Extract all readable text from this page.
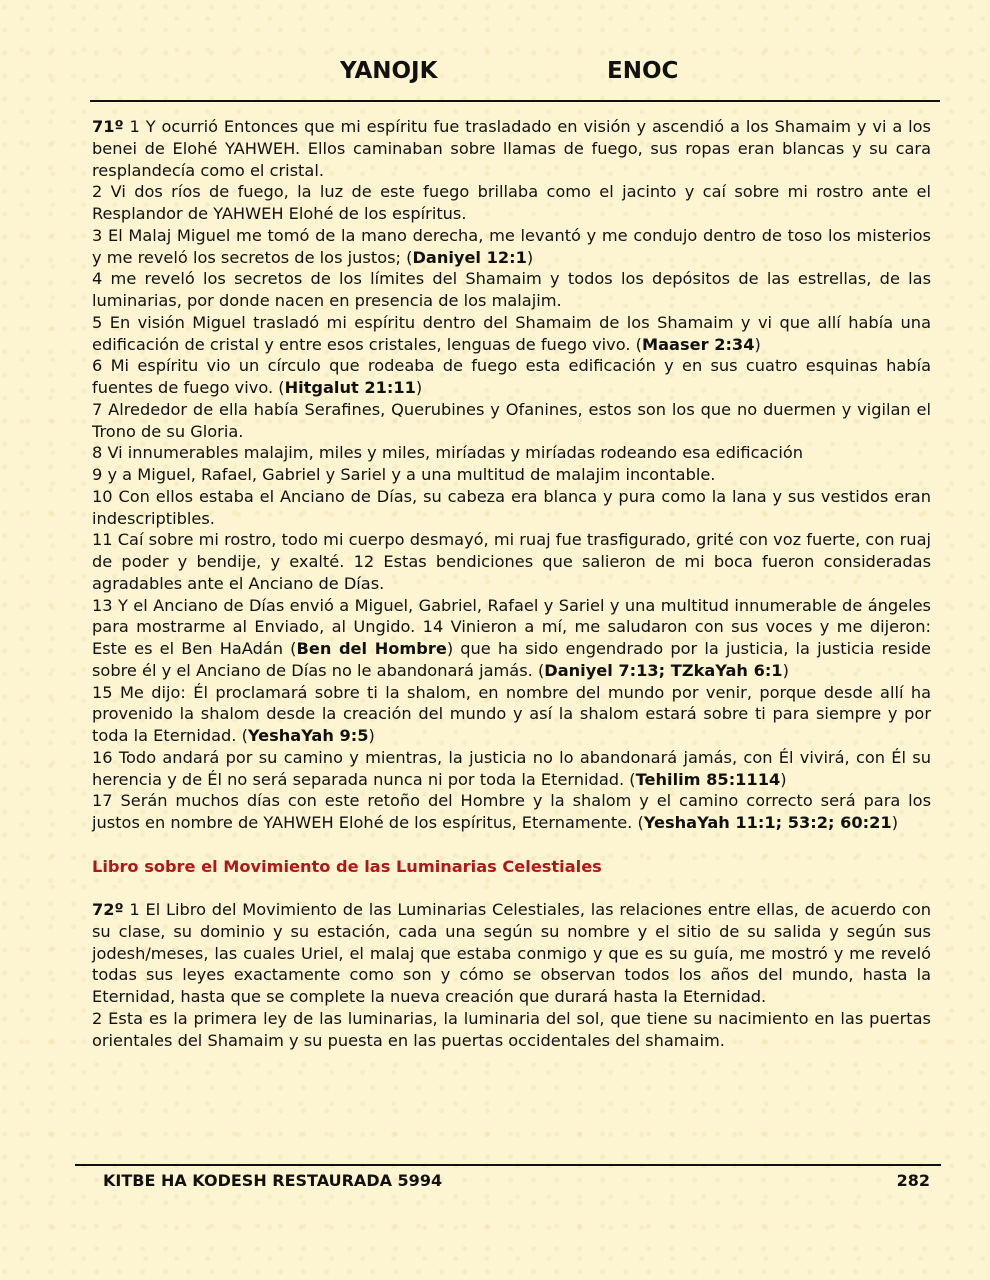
YANOJK	ENOC

71º 1 Y ocurrió Entonces que mi espíritu fue trasladado en visión y ascendió a los Shamaim y vi a los benei de Elohé YAHWEH. Ellos caminaban sobre llamas de fuego, sus ropas eran blancas y su cara resplandecía como el cristal.

2 Vi dos ríos de fuego, la luz de este fuego brillaba como el jacinto y caí sobre mi rostro ante el Resplandor de YAHWEH Elohé de los espíritus.

3 El Malaj Miguel me tomó de la mano derecha, me levantó y me condujo dentro de toso los misterios y me reveló los secretos de los justos; (Daniyel 12:1)

4 me reveló los secretos de los límites del Shamaim y todos los depósitos de las estrellas, de las luminarias, por donde nacen en presencia de los malajim.

5 En visión Miguel trasladó mi espíritu dentro del Shamaim de los Shamaim y vi que allí había una edificación de cristal y entre esos cristales, lenguas de fuego vivo. (Maaser 2:34)

6 Mi espíritu vio un círculo que rodeaba de fuego esta edificación y en sus cuatro esquinas había fuentes de fuego vivo. (Hitgalut 21:11)

7 Alrededor de ella había Serafines, Querubines y Ofanines, estos son los que no duermen y vigilan el Trono de su Gloria.

8 Vi innumerables malajim, miles y miles, miríadas y miríadas rodeando esa edificación

9 y a Miguel, Rafael, Gabriel y Sariel y a una multitud de malajim incontable.

10 Con ellos estaba el Anciano de Días, su cabeza era blanca y pura como la lana y sus vestidos eran indescriptibles.

11 Caí sobre mi rostro, todo mi cuerpo desmayó, mi ruaj fue trasfigurado, grité con voz fuerte, con ruaj de poder y bendije, y exalté. 12 Estas bendiciones que salieron de mi boca fueron consideradas agradables ante el Anciano de Días.

13 Y el Anciano de Días envió a Miguel, Gabriel, Rafael y Sariel y una multitud innumerable de ángeles para mostrarme al Enviado, al Ungido. 14 Vinieron a mí, me saludaron con sus voces y me dijeron: Este es el Ben HaAdán (Ben del Hombre) que ha sido engendrado por la justicia, la justicia reside sobre él y el Anciano de Días no le abandonará jamás. (Daniyel 7:13; TZkaYah 6:1)

15 Me dijo: Él proclamará sobre ti la shalom, en nombre del mundo por venir, porque desde allí ha provenido la shalom desde la creación del mundo y así la shalom estará sobre ti para siempre y por toda la Eternidad. (YeshaYah 9:5)

16 Todo andará por su camino y mientras, la justicia no lo abandonará jamás, con Él vivirá, con Él su herencia y de Él no será separada nunca ni por toda la Eternidad. (Tehilim 85:1114)

17 Serán muchos días con este retoño del Hombre y la shalom y el camino correcto será para los justos en nombre de YAHWEH Elohé de los espíritus, Eternamente. (YeshaYah 11:1; 53:2; 60:21)

Libro sobre el Movimiento de las Luminarias Celestiales

72º 1 El Libro del Movimiento de las Luminarias Celestiales, las relaciones entre ellas, de acuerdo con su clase, su dominio y su estación, cada una según su nombre y el sitio de su salida y según sus jodesh/meses, las cuales Uriel, el malaj que estaba conmigo y que es su guía, me mostró y me reveló todas sus leyes exactamente como son y cómo se observan todos los años del mundo, hasta la Eternidad, hasta que se complete la nueva creación que durará hasta la Eternidad.

2 Esta es la primera ley de las luminarias, la luminaria del sol, que tiene su nacimiento en las puertas orientales del Shamaim y su puesta en las puertas occidentales del shamaim.

KITBE HA KODESH RESTAURADA 5994	282
